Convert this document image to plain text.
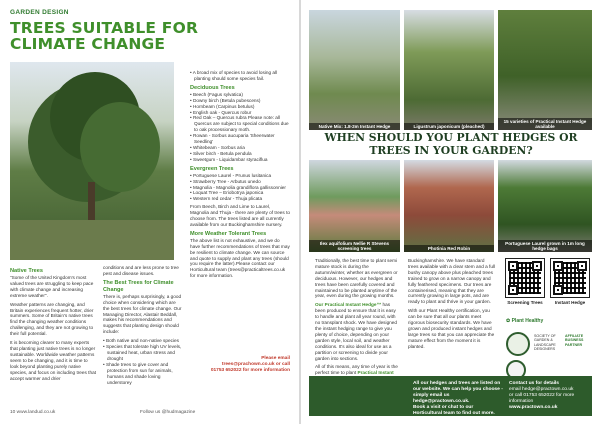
GARDEN DESIGN
TREES SUITABLE FOR CLIMATE CHANGE
Native Trees

"Some of the United Kingdom's most valued trees are struggling to keep pace with climate change and increasing extreme weather".

Weather patterns are changing, and Britain experiences frequent hotter, drier summers. Some of Britain's native trees find the changing weather conditions challenging, and they are not growing to their full potential.

It is becoming clearer to many experts that planting just native trees is no longer sustainable. Worldwide weather patterns seem to be changing, and it is time to look beyond planting purely native species, and focus on including trees that accept warmer and drier

conditions and are less prone to tree pest and disease issues.

The Best Trees for Climate Change

There is, perhaps surprisingly, a good choice when considering which are the best trees for climate change. Our Managing Director, Alastair Beddall, makes his recommendations and suggests that planting design should include:

• Both native and non-native species
• Species that tolerate high UV levels, sustained heat, urban stress and drought
• Shade trees to give cover and protection from sun for animals, humans and shade loving understorey
• A broad mix of species to avoid losing all planting should some species fail.
Deciduous Trees
• Beech (Fagus sylvatica)
• Downy birch (Betula pubescens)
• Hornbeam (Carpinus betulus)
• English oak - Quercus robur
• Red Oak – Quercus rubra Please note: all Quercus are subject to special conditions due to oak processionary moth.
• Rowan - Sorbus aucuparia 'Sheerwater Seedling'
• Whitebeam - Sorbus aria
• Silver birch - Betula pendula
• Sweetgum - Liquidambar styraciflua
Evergreen Trees
• Portuguese Laurel - Prunus lusitanica
• Strawberry Tree - Arbutus unedo
• Magnolia - Magnolia grandiflora gallissonnier
• Loquat Tree – Eriobotrya japonica
• Western red cedar - Thuja plicata

From Beech, Birch and Lime to Laurel, Magnolia and Thuja - there are plenty of trees to choose from. The trees listed are all currently available from our Buckinghamshire nursery.

More Weather Tolerant Trees

The above list is not exhaustive, and we do have further recommendations of trees that may be resilient to climate change. We can source and quote to supply and plant any trees (should you require the latter).Please contact our Horticultural team (trees@practicaltrees.co.uk for more information.

Please email
trees@prachown.co.uk or call
01753 652022 for more information
10 www.landud.co.uk	Follow us @hudmagazine
Native Mix: 1.8-2m Instant Hedge	Ligustrum japonicum (pleached)
15 varieties of Practical Instant Hedge available
WHEN SHOULD YOU PLANT HEDGES OR TREES IN YOUR GARDEN?
Ilex aquifolium Nellie R Stevens screening trees	Photinia Red Robin
Portuguese Laurel grown in 1m long hedge bags

Traditionally, the best time to plant semi mature stock is during the autumn/winter, whether as evergreen or deciduous. However, our hedges and trees have been carefully covered and maintained to be planted anytime of the year, even during the growing months.

Our Practical Instant Hedge™ has been produced to ensure that it is easy to handle and plant all year round, with no transplant shock. We have designed the instant hedging range to give you plenty of choice, depending on your garden style, local soil, and weather conditions. It's also ideal for use as a partition or screening to divide your garden into sections.

All of this means, any time of year is the perfect time to plant Practical Instant

Buckinghamshire. We have standard trees available with a clear stem and a full bushy canopy above plus pleached trees trained to grow on a narrow canopy and fully feathered specimens. Our trees are containerised, meaning that they are currently growing in large pots, and are ready to plant and thrive in your garden.

With our Plant Healthy certification, you can be sure that all our plants meet rigorous biosecurity standards. We have grown and produced instant hedges and large trees so that you can appreciate the mature effect from the moment it is planted.

Screening Trees	Instant Hedge
✿ Plant Healthy
SOCIETY OF GARDEN & LANDSCAPE DESIGNERS
AFFILIATE BUSINESS PARTNER
All our hedges and trees are listed on our website. We can help you choose - simply email us hedge@practown.co.uk.
Book a visit or chat to our Horticultural team to find out more.
Contact us for details
email hedge@practown.co.uk
or call 01753 652022 for more information
www.practown.co.uk
